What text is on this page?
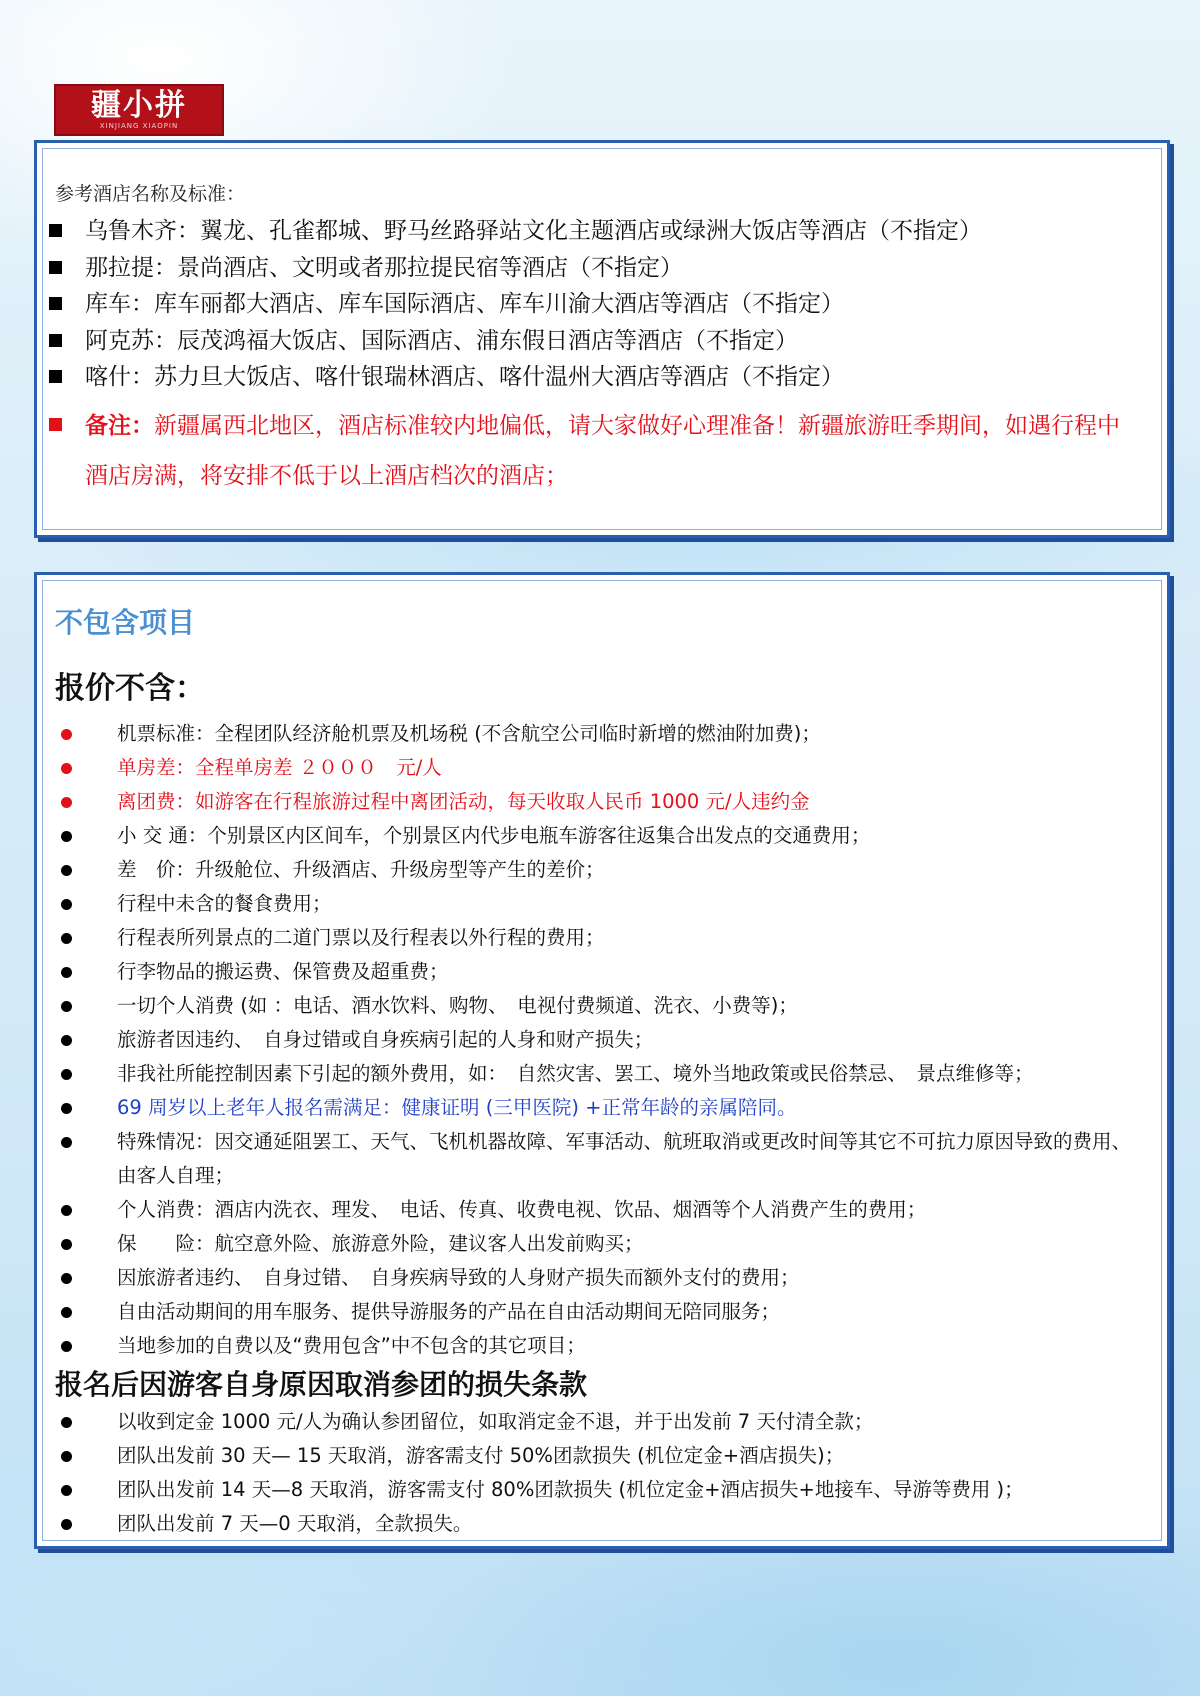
疆小拼
XINJIANG XIAOPIN
参考酒店名称及标准：
乌鲁木齐：翼龙、孔雀都城、野马丝路驿站文化主题酒店或绿洲大饭店等酒店（不指定）
那拉提：景尚酒店、文明或者那拉提民宿等酒店（不指定）
库车：库车丽都大酒店、库车国际酒店、库车川渝大酒店等酒店（不指定）
阿克苏：辰茂鸿福大饭店、国际酒店、浦东假日酒店等酒店（不指定）
喀什：苏力旦大饭店、喀什银瑞林酒店、喀什温州大酒店等酒店（不指定）
备注：新疆属西北地区，酒店标准较内地偏低，请大家做好心理准备！新疆旅游旺季期间，如遇行程中
酒店房满，将安排不低于以上酒店档次的酒店；
不包含项目
报价不含：
机票标准：全程团队经济舱机票及机场税 (不含航空公司临时新增的燃油附加费)；
单房差：全程单房差 ２０００　元/人
离团费：如游客在行程旅游过程中离团活动，每天收取人民币 1000 元/人违约金
小 交 通：个别景区内区间车，个别景区内代步电瓶车游客往返集合出发点的交通费用；
差　价：升级舱位、升级酒店、升级房型等产生的差价；
行程中未含的餐食费用；
行程表所列景点的二道门票以及行程表以外行程的费用；
行李物品的搬运费、保管费及超重费；
一切个人消费 (如 ：电话、酒水饮料、购物、　电视付费频道、洗衣、小费等)；
旅游者因违约、　自身过错或自身疾病引起的人身和财产损失；
非我社所能控制因素下引起的额外费用，如：　自然灾害、罢工、境外当地政策或民俗禁忌、　景点维修等；
69 周岁以上老年人报名需满足：健康证明 (三甲医院) +正常年龄的亲属陪同。
特殊情况：因交通延阻罢工、天气、飞机机器故障、军事活动、航班取消或更改时间等其它不可抗力原因导致的费用、　由客人自理；
个人消费：酒店内洗衣、理发、　电话、传真、收费电视、饮品、烟酒等个人消费产生的费用；
保　　险：航空意外险、旅游意外险，建议客人出发前购买；
因旅游者违约、　自身过错、　自身疾病导致的人身财产损失而额外支付的费用；
自由活动期间的用车服务、提供导游服务的产品在自由活动期间无陪同服务；
当地参加的自费以及“费用包含”中不包含的其它项目；
报名后因游客自身原因取消参团的损失条款
以收到定金 1000 元/人为确认参团留位，如取消定金不退，并于出发前 7 天付清全款；
团队出发前 30 天— 15 天取消，游客需支付 50%团款损失 (机位定金+酒店损失)；
团队出发前 14 天—8 天取消，游客需支付 80%团款损失 (机位定金+酒店损失+地接车、导游等费用 )；
团队出发前 7 天—0 天取消，全款损失。
